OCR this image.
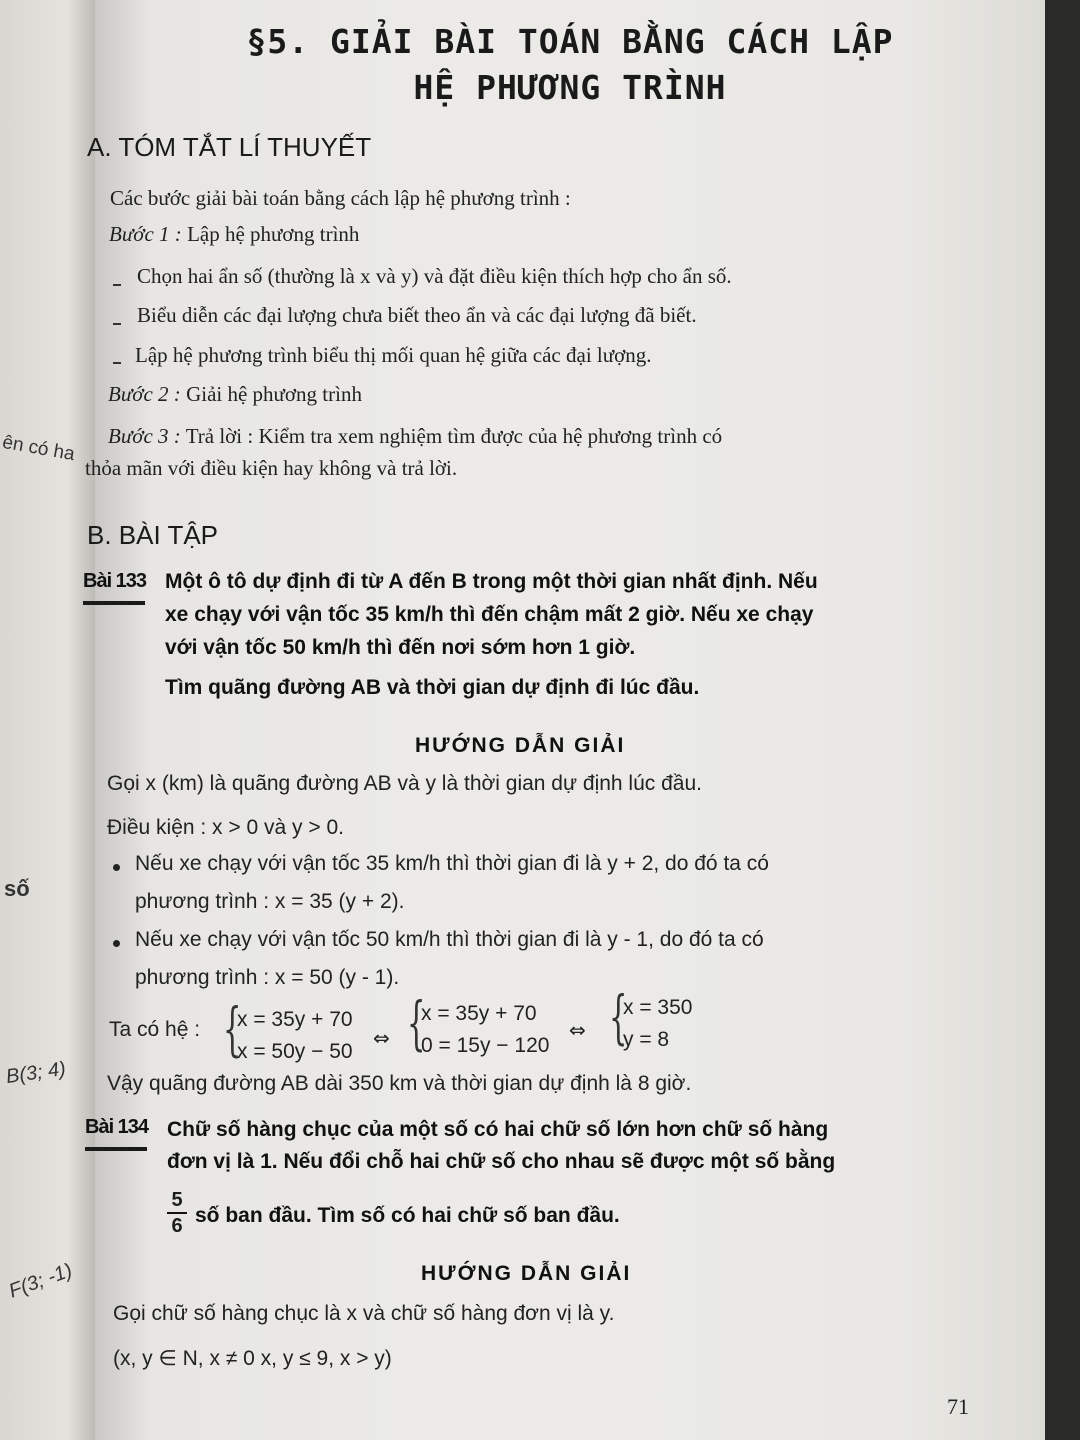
ên có ha
số
B(3; 4)
F(3; -1)
§5. GIẢI BÀI TOÁN BẰNG CÁCH LẬP
HỆ PHƯƠNG TRÌNH
A. TÓM TẮT LÍ THUYẾT
Các bước giải bài toán bằng cách lập hệ phương trình :
Bước 1 : Lập hệ phương trình
Chọn hai ẩn số (thường là x và y) và đặt điều kiện thích hợp cho ẩn số.
Biểu diễn các đại lượng chưa biết theo ẩn và các đại lượng đã biết.
Lập hệ phương trình biểu thị mối quan hệ giữa các đại lượng.
Bước 2 : Giải hệ phương trình
Bước 3 : Trả lời : Kiểm tra xem nghiệm tìm được của hệ phương trình có
thỏa mãn với điều kiện hay không và trả lời.
B. BÀI TẬP
Bài 133 Một ô tô dự định đi từ A đến B trong một thời gian nhất định. Nếu
xe chạy với vận tốc 35 km/h thì đến chậm mất 2 giờ. Nếu xe chạy
với vận tốc 50 km/h thì đến nơi sớm hơn 1 giờ.
Tìm quãng đường AB và thời gian dự định đi lúc đầu.
HƯỚNG DẪN GIẢI
Gọi x (km) là quãng đường AB và y là thời gian dự định lúc đầu.
Điều kiện : x > 0 và y > 0.
Nếu xe chạy với vận tốc 35 km/h thì thời gian đi là y + 2, do đó ta có
phương trình : x = 35 (y + 2).
Nếu xe chạy với vận tốc 50 km/h thì thời gian đi là y - 1, do đó ta có
phương trình : x = 50 (y - 1).
Ta có hệ : {
x = 35y + 70
x = 50y − 50
⇔ {
x = 35y + 70
0 = 15y − 120
⇔ {
x = 350
y = 8
Vậy quãng đường AB dài 350 km và thời gian dự định là 8 giờ.
Bài 134 Chữ số hàng chục của một số có hai chữ số lớn hơn chữ số hàng
đơn vị là 1. Nếu đổi chỗ hai chữ số cho nhau sẽ được một số bằng
$\frac{5}{6}$ số ban đầu. Tìm số có hai chữ số ban đầu.
HƯỚNG DẪN GIẢI
Gọi chữ số hàng chục là x và chữ số hàng đơn vị là y.
(x, y ∈ N, x ≠ 0 x, y ≤ 9, x > y)
71
